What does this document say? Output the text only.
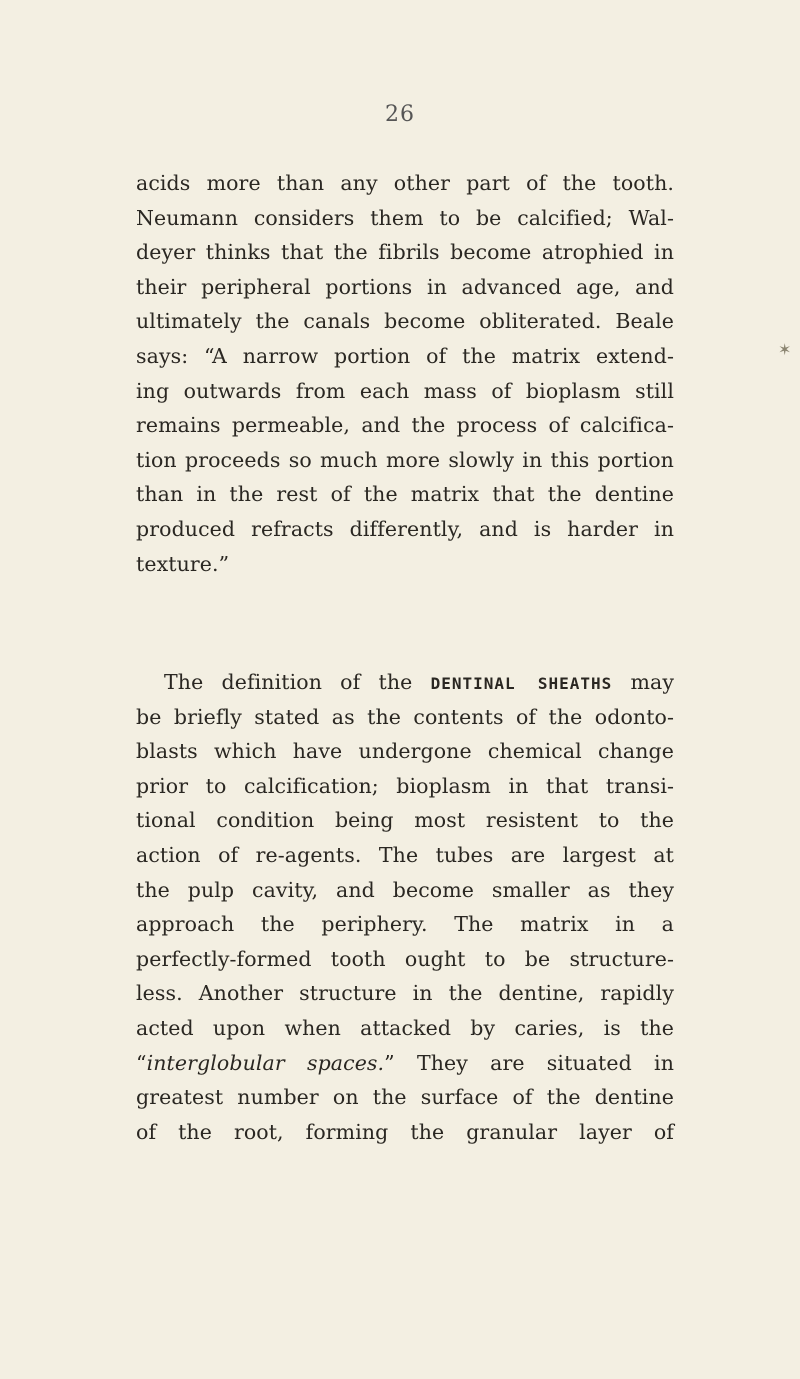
26
acids more than any other part of the tooth.
Neumann considers them to be calcified; Wal-
deyer thinks that the fibrils become atrophied in
their peripheral portions in advanced age, and
ultimately the canals become obliterated. Beale
says: “A narrow portion of the matrix extend-
ing outwards from each mass of bioplasm still
remains permeable, and the process of calcifica-
tion proceeds so much more slowly in this portion
than in the rest of the matrix that the dentine
produced refracts differently, and is harder in
texture.”
The definition of the DENTINAL SHEATHS may
be briefly stated as the contents of the odonto-
blasts which have undergone chemical change
prior to calcification; bioplasm in that transi-
tional condition being most resistent to the
action of re-agents. The tubes are largest at
the pulp cavity, and become smaller as they
approach the periphery. The matrix in a
perfectly-formed tooth ought to be structure-
less. Another structure in the dentine, rapidly
acted upon when attacked by caries, is the
“interglobular spaces.” They are situated in
greatest number on the surface of the dentine
of the root, forming the granular layer of
✶
